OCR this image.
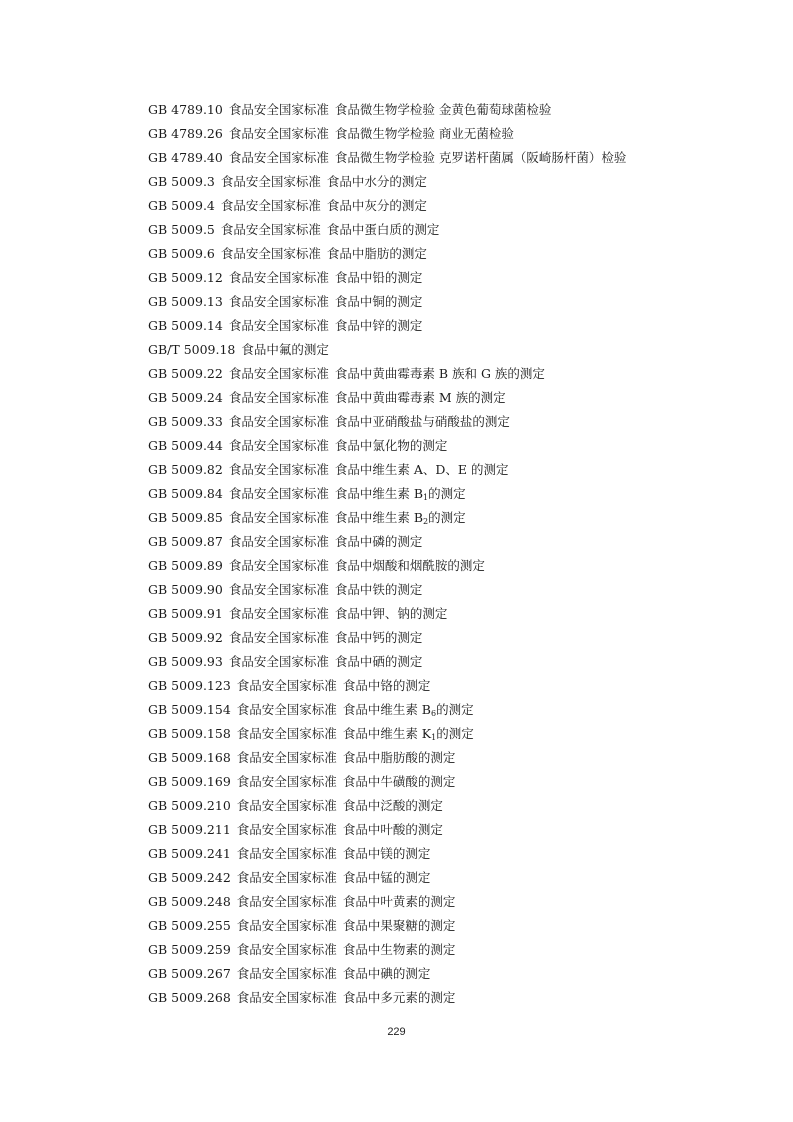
GB 4789.10 食品安全国家标准 食品微生物学检验 金黄色葡萄球菌检验
GB 4789.26 食品安全国家标准 食品微生物学检验 商业无菌检验
GB 4789.40 食品安全国家标准 食品微生物学检验 克罗诺杆菌属（阪崎肠杆菌）检验
GB 5009.3 食品安全国家标准 食品中水分的测定
GB 5009.4 食品安全国家标准 食品中灰分的测定
GB 5009.5 食品安全国家标准 食品中蛋白质的测定
GB 5009.6 食品安全国家标准 食品中脂肪的测定
GB 5009.12 食品安全国家标准 食品中铅的测定
GB 5009.13 食品安全国家标准 食品中铜的测定
GB 5009.14 食品安全国家标准 食品中锌的测定
GB/T 5009.18 食品中氟的测定
GB 5009.22 食品安全国家标准 食品中黄曲霉毒素 B 族和 G 族的测定
GB 5009.24 食品安全国家标准 食品中黄曲霉毒素 M 族的测定
GB 5009.33 食品安全国家标准 食品中亚硝酸盐与硝酸盐的测定
GB 5009.44 食品安全国家标准 食品中氯化物的测定
GB 5009.82 食品安全国家标准 食品中维生素 A、D、E 的测定
GB 5009.84 食品安全国家标准 食品中维生素 $B_1$的测定
GB 5009.85 食品安全国家标准 食品中维生素 $B_2$的测定
GB 5009.87 食品安全国家标准 食品中磷的测定
GB 5009.89 食品安全国家标准 食品中烟酸和烟酰胺的测定
GB 5009.90 食品安全国家标准 食品中铁的测定
GB 5009.91 食品安全国家标准 食品中钾、钠的测定
GB 5009.92 食品安全国家标准 食品中钙的测定
GB 5009.93 食品安全国家标准 食品中硒的测定
GB 5009.123 食品安全国家标准 食品中铬的测定
GB 5009.154 食品安全国家标准 食品中维生素 $B_6$的测定
GB 5009.158 食品安全国家标准 食品中维生素 $K_1$的测定
GB 5009.168 食品安全国家标准 食品中脂肪酸的测定
GB 5009.169 食品安全国家标准 食品中牛磺酸的测定
GB 5009.210 食品安全国家标准 食品中泛酸的测定
GB 5009.211 食品安全国家标准 食品中叶酸的测定
GB 5009.241 食品安全国家标准 食品中镁的测定
GB 5009.242 食品安全国家标准 食品中锰的测定
GB 5009.248 食品安全国家标准 食品中叶黄素的测定
GB 5009.255 食品安全国家标准 食品中果聚糖的测定
GB 5009.259 食品安全国家标准 食品中生物素的测定
GB 5009.267 食品安全国家标准 食品中碘的测定
GB 5009.268 食品安全国家标准 食品中多元素的测定
229
